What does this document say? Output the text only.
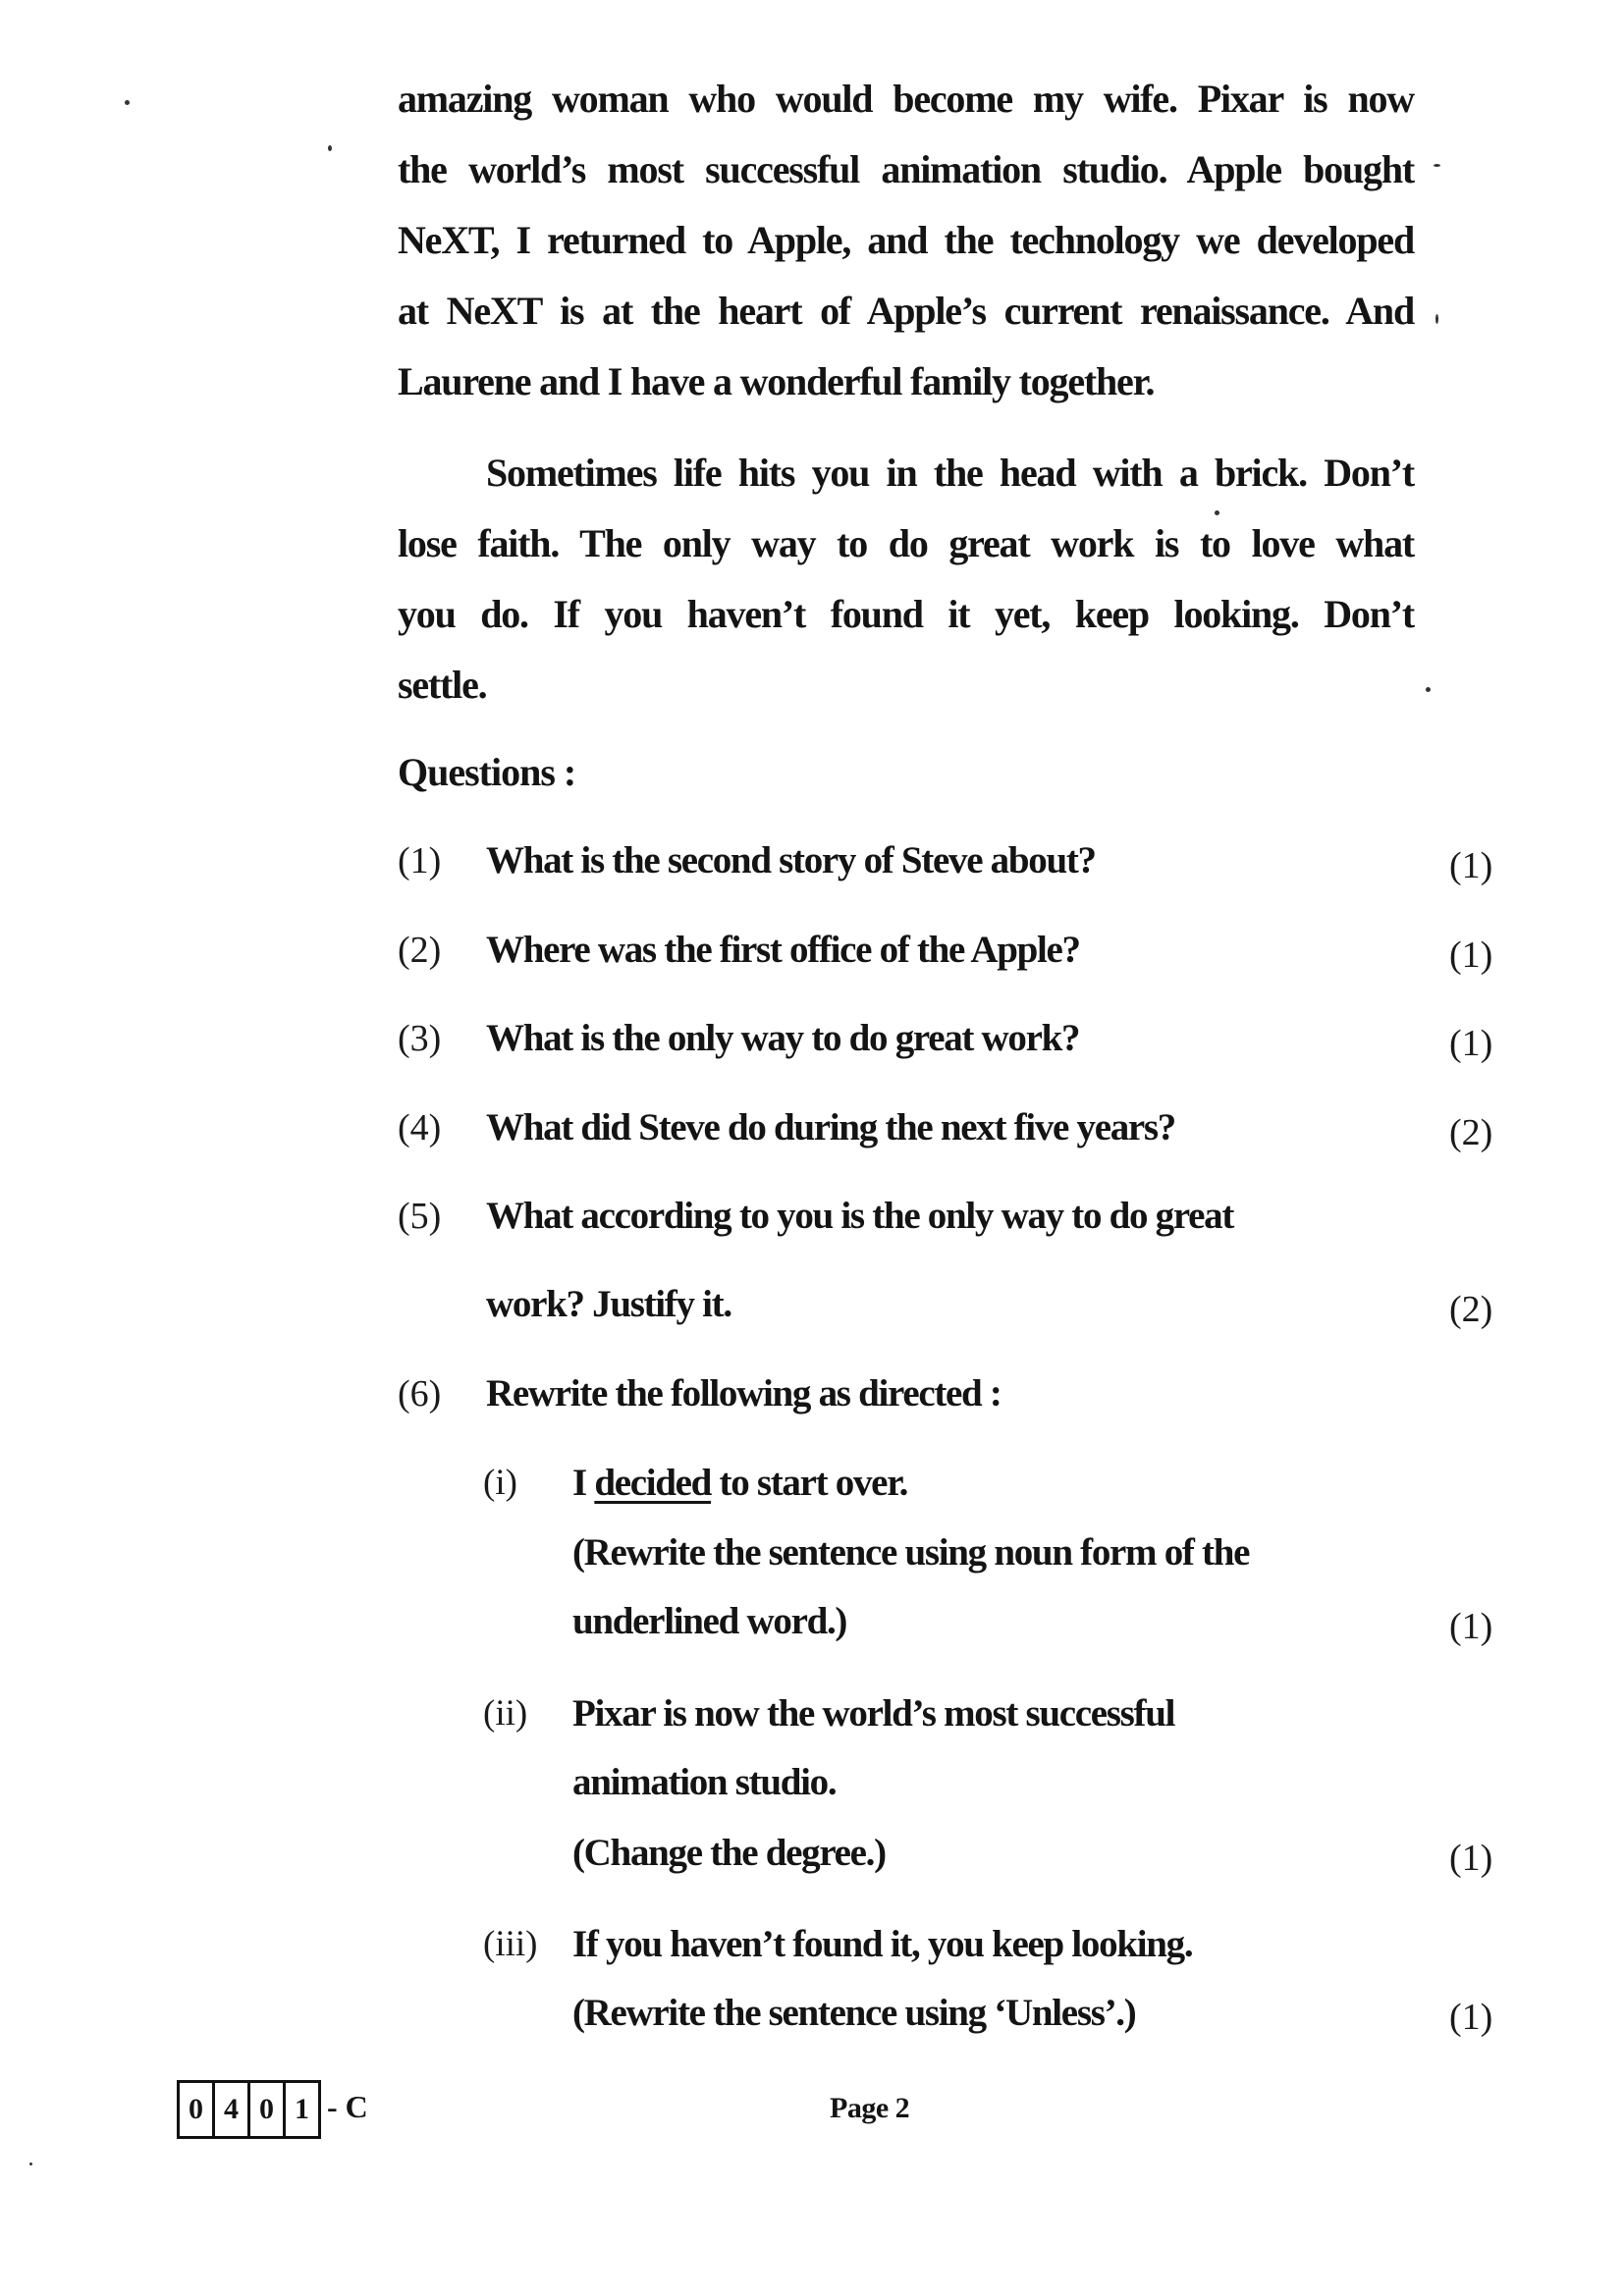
amazing woman who would become my wife. Pixar is now
the world’s most successful animation studio. Apple bought
NeXT, I returned to Apple, and the technology we developed
at NeXT is at the heart of Apple’s current renaissance. And
Laurene and I have a wonderful family together.
Sometimes life hits you in the head with a brick. Don’t
lose faith. The only way to do great work is to love what
you do. If you haven’t found it yet, keep looking. Don’t
settle.
Questions :
(1) What is the second story of Steve about?	(1)
(2) Where was the first office of the Apple?	(1)
(3) What is the only way to do great work?	(1)
(4) What did Steve do during the next five years?	(2)
(5) What according to you is the only way to do great
work? Justify it.	(2)
(6) Rewrite the following as directed :
(i) I decided to start over.
(Rewrite the sentence using noun form of the
underlined word.)	(1)
(ii) Pixar is now the world’s most successful
animation studio.
(Change the degree.)	(1)
(iii) If you haven’t found it, you keep looking.
(Rewrite the sentence using ‘Unless’.)	(1)
0 4 0 1 - C	Page 2
